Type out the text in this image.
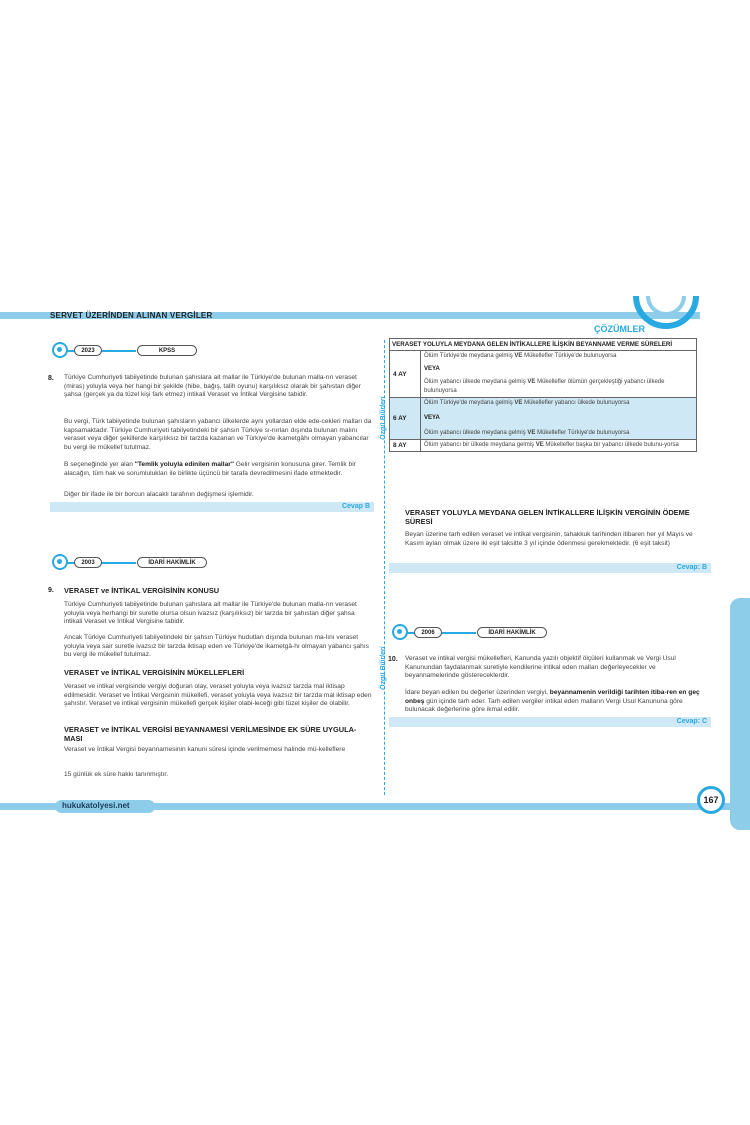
SERVET ÜZERİNDEN ALINAN VERGİLER
ÇÖZÜMLER
Özgü Bilirleri
Özgü Bilirleri
2023	KPSS
8. Türkiye Cumhuriyeti tabiiyetinde bulunan şahıslara ait mallar ile Türkiye'de bulunan malla-rın veraset (miras) yoluyla veya her hangi bir şekilde (hibe, bağış, talih oyunu) karşılıksız olarak bir şahıstan diğer şahsa (gerçek ya da tüzel kişi fark etmez) intikali Veraset ve İntikal Vergisine tabidir.
Bu vergi, Türk tabiiyetinde bulunan şahısların yabancı ülkelerde aynı yollardan elde ede-cekleri malları da kapsamaktadır. Türkiye Cumhuriyeti tabiiyetindeki bir şahsın Türkiye sı-nırları dışında bulunan malını veraset veya diğer şekillerde karşılıksız bir tarzda kazanan ve Türkiye'de ikametgâhı olmayan yabancılar bu vergi ile mükellef tutulmaz.
B seçeneğinde yer alan "Temlik yoluyla edinilen mallar" Gelir vergisinin konusuna girer. Temlik bir alacağın, tüm hak ve sorumlulukları ile birlikte üçüncü bir tarafa devredilmesini ifade etmektedir.
Diğer bir ifade ile bir borcun alacaklı tarafının değişmesi işlemidir.
Cevap B
2003	İDARİ HAKİMLİK
9. VERASET ve İNTİKAL VERGİSİNİN KONUSU
Türkiye Cumhuriyeti tabiiyetinde bulunan şahıslara ait mallar ile Türkiye'de bulunan malla-rın veraset yoluyla veya herhangi bir suretle olursa olsun ivazsız (karşılıksız) bir tarzda bir şahıstan diğer şahsa intikali Veraset ve İntikal Vergisine tabidir.
Ancak Türkiye Cumhuriyeti tabiiyetindeki bir şahsın Türkiye hudutları dışında bulunan ma-lını veraset yoluyla veya sair suretle ivazsız bir tarzda iktisap eden ve Türkiye'de ikametgâ-hı olmayan yabancı şahıs bu vergi ile mükellef tutulmaz.
VERASET ve İNTİKAL VERGİSİNİN MÜKELLEFLERİ
Veraset ve intikal vergisinde vergiyi doğuran olay, veraset yoluyla veya ivazsız tarzda mal iktisap edilmesidir. Veraset ve İntikal Vergisinin mükellefi, veraset yoluyla veya ivazsız bir tarzda mal iktisap eden şahıstır. Veraset ve intikal vergisinin mükellefi gerçek kişiler olabi-leceği gibi tüzel kişiler de olabilir.
VERASET ve İNTİKAL VERGİSİ BEYANNAMESİ VERİLMESİNDE EK SÜRE UYGULA-MASI
Veraset ve İntikal Vergisi beyannamesinin kanuni süresi içinde verilmemesi halinde mü-kelleflere
15 günlük ek süre hakkı tanınmıştır.
VERASET YOLUYLA MEYDANA GELEN İNTİKALLERE İLİŞKİN BEYANNAME VERME SÜRELERİ	
4 AY	Ölüm Türkiye'de meydana gelmiş VE Mükellefler Türkiye'de bulunuyorsa
VEYA
Ölüm yabancı ülkede meydana gelmiş VE Mükellefler ölümün gerçekleştiği yabancı ülkede bulunuyorsa

6 AY	Ölüm Türkiye'de meydana gelmiş VE Mükellefler yabancı ülkede bulunuyorsa
VEYA
Ölüm yabancı ülkede meydana gelmiş VE Mükellefler Türkiye'de bulunuyorsa

8 AY	Ölüm yabancı bir ülkede meydana gelmiş VE Mükellefler başka bir yabancı ülkede bulunu-yorsa
VERASET YOLUYLA MEYDANA GELEN İNTİKALLERE İLİŞKİN VERGİNİN ÖDEME SÜRESİ
Beyan üzerine tarh edilen veraset ve intikal vergisinin, tahakkuk tarihinden itibaren her yıl Mayıs ve Kasım ayları olmak üzere iki eşit taksitte 3 yıl içinde ödenmesi gerekmektedir. (6 eşit taksit)
Cevap: B
2006	İDARİ HAKİMLİK
10. Veraset ve intikal vergisi mükellefleri, Kanunda yazılı objektif ölçüleri kullanmak ve Vergi Usul Kanunundan faydalanmak suretiyle kendilerine intikal eden malları değerleyecekler ve beyannamelerinde göstereceklerdir.
İdare beyan edilen bu değerler üzerinden vergiyi, beyannamenin verildiği tarihten itiba-ren en geç onbeş gün içinde tarh eder. Tarh edilen vergiler intikal eden malların Vergi Usul Kanununa göre bulunacak değerlerine göre ikmal edilir.
Cevap: C
hukukatolyesi.net
167
